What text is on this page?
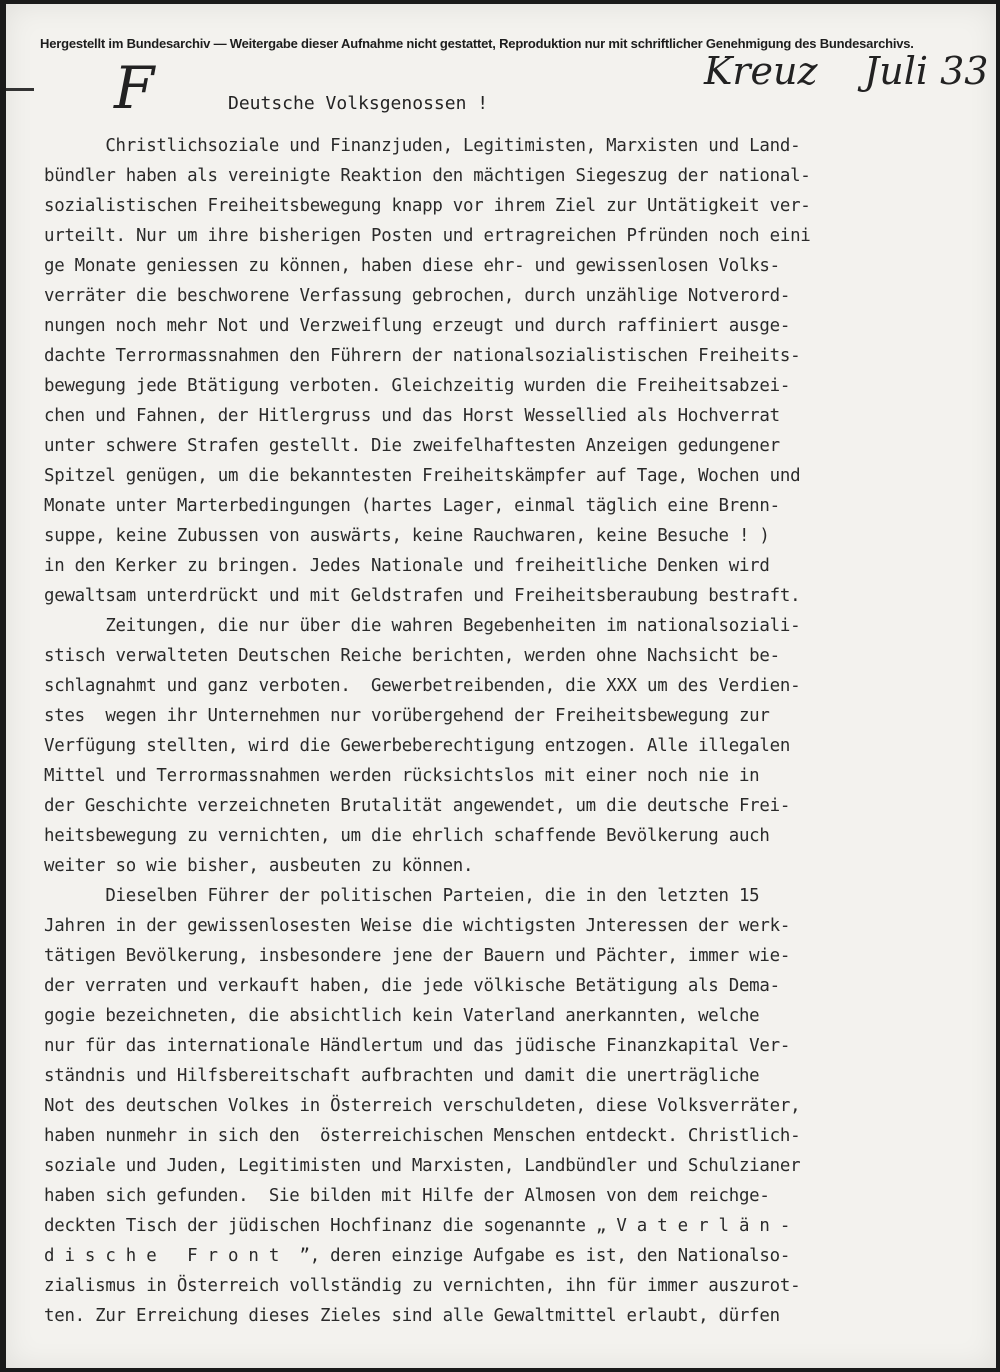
Hergestellt im Bundesarchiv — Weitergabe dieser Aufnahme nicht gestattet, Reproduktion nur mit schriftlicher Genehmigung des Bundesarchivs.
F	Kreuz Juli 33
Deutsche Volksgenossen !
Christlichsoziale und Finanzjuden, Legitimisten, Marxisten und Land-
bündler haben als vereinigte Reaktion den mächtigen Siegeszug der national-
sozialistischen Freiheitsbewegung knapp vor ihrem Ziel zur Untätigkeit ver-
urteilt. Nur um ihre bisherigen Posten und ertragreichen Pfründen noch eini
ge Monate geniessen zu können, haben diese ehr- und gewissenlosen Volks-
verräter die beschworene Verfassung gebrochen, durch unzählige Notverord-
nungen noch mehr Not und Verzweiflung erzeugt und durch raffiniert ausge-
dachte Terrormassnahmen den Führern der nationalsozialistischen Freiheits-
bewegung jede Btätigung verboten. Gleichzeitig wurden die Freiheitsabzei-
chen und Fahnen, der Hitlergruss und das Horst Wessellied als Hochverrat
unter schwere Strafen gestellt. Die zweifelhaftesten Anzeigen gedungener
Spitzel genügen, um die bekanntesten Freiheitskämpfer auf Tage, Wochen und
Monate unter Marterbedingungen (hartes Lager, einmal täglich eine Brenn-
suppe, keine Zubussen von auswärts, keine Rauchwaren, keine Besuche ! )
in den Kerker zu bringen. Jedes Nationale und freiheitliche Denken wird
gewaltsam unterdrückt und mit Geldstrafen und Freiheitsberaubung bestraft.
Zeitungen, die nur über die wahren Begebenheiten im nationalsoziali-
stisch verwalteten Deutschen Reiche berichten, werden ohne Nachsicht be-
schlagnahmt und ganz verboten.  Gewerbetreibenden, die XXX um des Verdien-
stes  wegen ihr Unternehmen nur vorübergehend der Freiheitsbewegung zur
Verfügung stellten, wird die Gewerbeberechtigung entzogen. Alle illegalen
Mittel und Terrormassnahmen werden rücksichtslos mit einer noch nie in
der Geschichte verzeichneten Brutalität angewendet, um die deutsche Frei-
heitsbewegung zu vernichten, um die ehrlich schaffende Bevölkerung auch
weiter so wie bisher, ausbeuten zu können.
Dieselben Führer der politischen Parteien, die in den letzten 15
Jahren in der gewissenlosesten Weise die wichtigsten Jnteressen der werk-
tätigen Bevölkerung, insbesondere jene der Bauern und Pächter, immer wie-
der verraten und verkauft haben, die jede völkische Betätigung als Dema-
gogie bezeichneten, die absichtlich kein Vaterland anerkannten, welche
nur für das internationale Händlertum und das jüdische Finanzkapital Ver-
ständnis und Hilfsbereitschaft aufbrachten und damit die unerträgliche
Not des deutschen Volkes in Österreich verschuldeten, diese Volksverräter,
haben nunmehr in sich den  österreichischen Menschen entdeckt. Christlich-
soziale und Juden, Legitimisten und Marxisten, Landbündler und Schulzianer
haben sich gefunden.  Sie bilden mit Hilfe der Almosen von dem reichge-
deckten Tisch der jüdischen Hochfinanz die sogenannte „ V a t e r l ä n -
d i s c h e   F r o n t  ”, deren einzige Aufgabe es ist, den Nationalso-
zialismus in Österreich vollständig zu vernichten, ihn für immer auszurot-
ten. Zur Erreichung dieses Zieles sind alle Gewaltmittel erlaubt, dürfen
